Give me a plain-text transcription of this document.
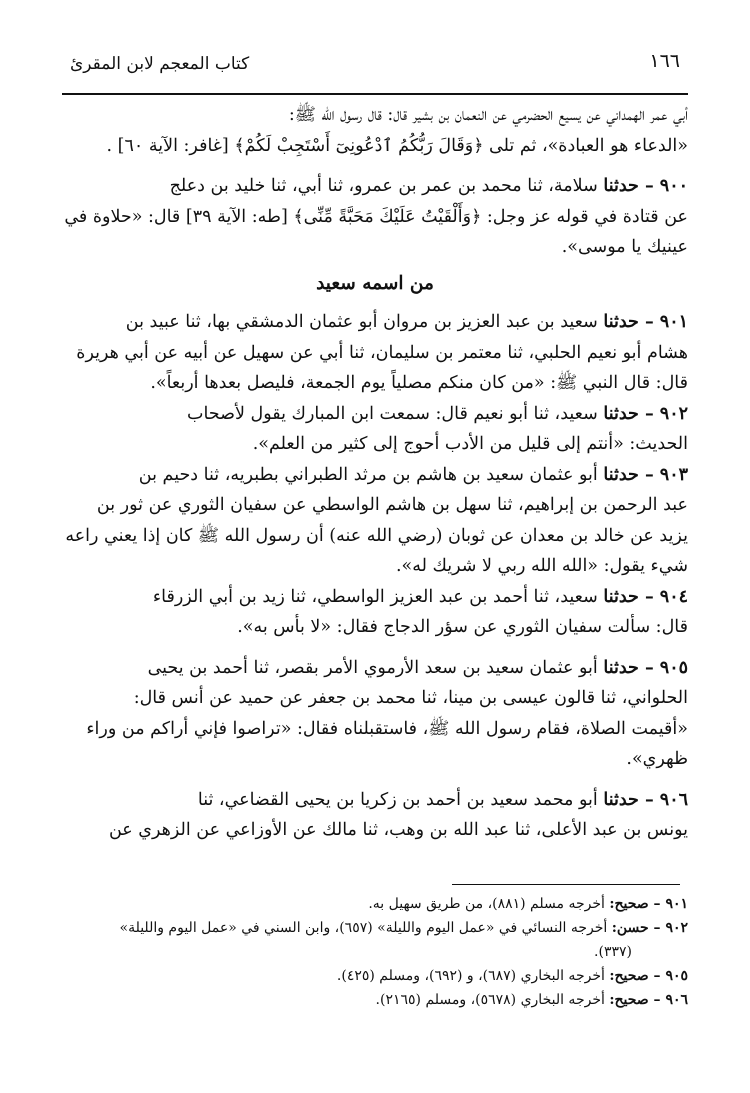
١٦٦
كتاب المعجم لابن المقرئ

أبي عمر الهمداني عن يسيع الحضرمي عن النعمان بن بشير قال: قال رسول الله ﷺ:

«الدعاء هو العبادة»، ثم تلى ﴿وَقَالَ رَبُّكُمُ ٱدْعُونِىٓ أَسْتَجِبْ لَكُمْ﴾ [غافر: الآية ٦٠] .

٩٠٠ – حدثنا سلامة، ثنا محمد بن عمر بن عمرو، ثنا أبي، ثنا خليد بن دعلج

عن قتادة في قوله عز وجل: ﴿وَأَلْقَيْتُ عَلَيْكَ مَحَبَّةً مِّنِّى﴾ [طه: الآية ٣٩] قال: «حلاوة في

عينيك يا موسى».

من اسمه سعيد

٩٠١ – حدثنا سعيد بن عبد العزيز بن مروان أبو عثمان الدمشقي بها، ثنا عبيد بن

هشام أبو نعيم الحلبي، ثنا معتمر بن سليمان، ثنا أبي عن سهيل عن أبيه عن أبي هريرة

قال: قال النبي ﷺ: «من كان منكم مصلياً يوم الجمعة، فليصل بعدها أربعاً».

٩٠٢ – حدثنا سعيد، ثنا أبو نعيم قال: سمعت ابن المبارك يقول لأصحاب

الحديث: «أنتم إلى قليل من الأدب أحوج إلى كثير من العلم».

٩٠٣ – حدثنا أبو عثمان سعيد بن هاشم بن مرثد الطبراني بطبريه، ثنا دحيم بن

عبد الرحمن بن إبراهيم، ثنا سهل بن هاشم الواسطي عن سفيان الثوري عن ثور بن

يزيد عن خالد بن معدان عن ثوبان (رضي الله عنه) أن رسول الله ﷺ كان إذا يعني راعه

شيء يقول: «الله الله ربي لا شريك له».

٩٠٤ – حدثنا سعيد، ثنا أحمد بن عبد العزيز الواسطي، ثنا زيد بن أبي الزرقاء

قال: سألت سفيان الثوري عن سؤر الدجاج فقال: «لا بأس به».

٩٠٥ – حدثنا أبو عثمان سعيد بن سعد الأرموي الأمر بقصر، ثنا أحمد بن يحيى

الحلواني، ثنا قالون عيسى بن مينا، ثنا محمد بن جعفر عن حميد عن أنس قال:

«أقيمت الصلاة، فقام رسول الله ﷺ، فاستقبلناه فقال: «تراصوا فإني أراكم من وراء

ظهري».

٩٠٦ – حدثنا أبو محمد سعيد بن أحمد بن زكريا بن يحيى القضاعي، ثنا

يونس بن عبد الأعلى، ثنا عبد الله بن وهب، ثنا مالك عن الأوزاعي عن الزهري عن

٩٠١ – صحيح: أخرجه مسلم (٨٨١)، من طريق سهيل به.

٩٠٢ – حسن: أخرجه النسائي في «عمل اليوم والليلة» (٦٥٧)، وابن السني في «عمل اليوم والليلة»

(٣٣٧).

٩٠٥ – صحيح: أخرجه البخاري (٦٨٧)، و (٦٩٢)، ومسلم (٤٢٥).

٩٠٦ – صحيح: أخرجه البخاري (٥٦٧٨)، ومسلم (٢١٦٥).
